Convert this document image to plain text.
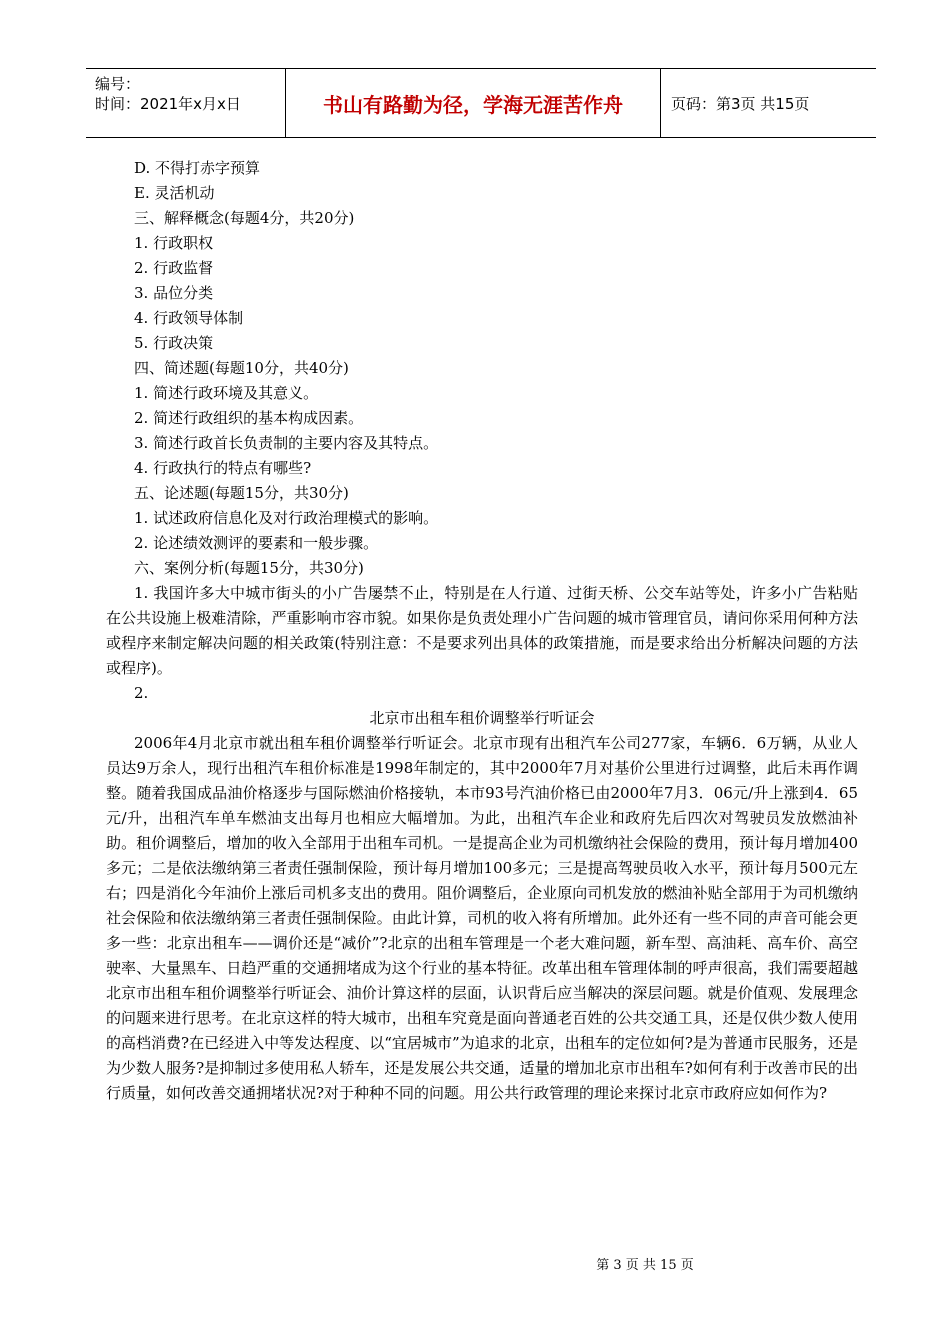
编号：
时间：2021年x月x日	书山有路勤为径，学海无涯苦作舟	页码：第3页 共15页

D. 不得打赤字预算

E. 灵活机动

三、解释概念(每题4分，共20分)

1. 行政职权

2. 行政监督

3. 品位分类

4. 行政领导体制

5. 行政决策

四、简述题(每题10分，共40分)

1. 简述行政环境及其意义。

2. 简述行政组织的基本构成因素。

3. 简述行政首长负责制的主要内容及其特点。

4. 行政执行的特点有哪些?

五、论述题(每题15分，共30分)

1. 试述政府信息化及对行政治理模式的影响。

2. 论述绩效测评的要素和一般步骤。

六、案例分析(每题15分，共30分)

1. 我国许多大中城市街头的小广告屡禁不止，特别是在人行道、过街天桥、公交车站等处，许多小广告粘贴在公共设施上极难清除，严重影响市容市貌。如果你是负责处理小广告问题的城市管理官员，请问你采用何种方法或程序来制定解决问题的相关政策(特别注意：不是要求列出具体的政策措施，而是要求给出分析解决问题的方法或程序)。

2.

北京市出租车租价调整举行听证会

2006年4月北京市就出租车租价调整举行听证会。北京市现有出租汽车公司277家，车辆6．6万辆，从业人员达9万余人，现行出租汽车租价标准是1998年制定的，其中2000年7月对基价公里进行过调整，此后未再作调整。随着我国成品油价格逐步与国际燃油价格接轨，本市93号汽油价格已由2000年7月3．06元/升上涨到4．65元/升，出租汽车单车燃油支出每月也相应大幅增加。为此，出租汽车企业和政府先后四次对驾驶员发放燃油补助。租价调整后，增加的收入全部用于出租车司机。一是提高企业为司机缴纳社会保险的费用，预计每月增加400多元；二是依法缴纳第三者责任强制保险，预计每月增加100多元；三是提高驾驶员收入水平，预计每月500元左右；四是消化今年油价上涨后司机多支出的费用。阻价调整后，企业原向司机发放的燃油补贴全部用于为司机缴纳社会保险和依法缴纳第三者责任强制保险。由此计算，司机的收入将有所增加。此外还有一些不同的声音可能会更多一些：北京出租车——调价还是“减价”?北京的出租车管理是一个老大难问题，新车型、高油耗、高车价、高空驶率、大量黑车、日趋严重的交通拥堵成为这个行业的基本特征。改革出租车管理体制的呼声很高，我们需要超越北京市出租车租价调整举行听证会、油价计算这样的层面，认识背后应当解决的深层问题。就是价值观、发展理念的问题来进行思考。在北京这样的特大城市，出租车究竟是面向普通老百姓的公共交通工具，还是仅供少数人使用的高档消费?在已经进入中等发达程度、以“宜居城市”为追求的北京，出租车的定位如何?是为普通市民服务，还是为少数人服务?是抑制过多使用私人轿车，还是发展公共交通，适量的增加北京市出租车?如何有利于改善市民的出行质量，如何改善交通拥堵状况?对于种种不同的问题。用公共行政管理的理论来探讨北京市政府应如何作为?

第 3 页 共 15 页
